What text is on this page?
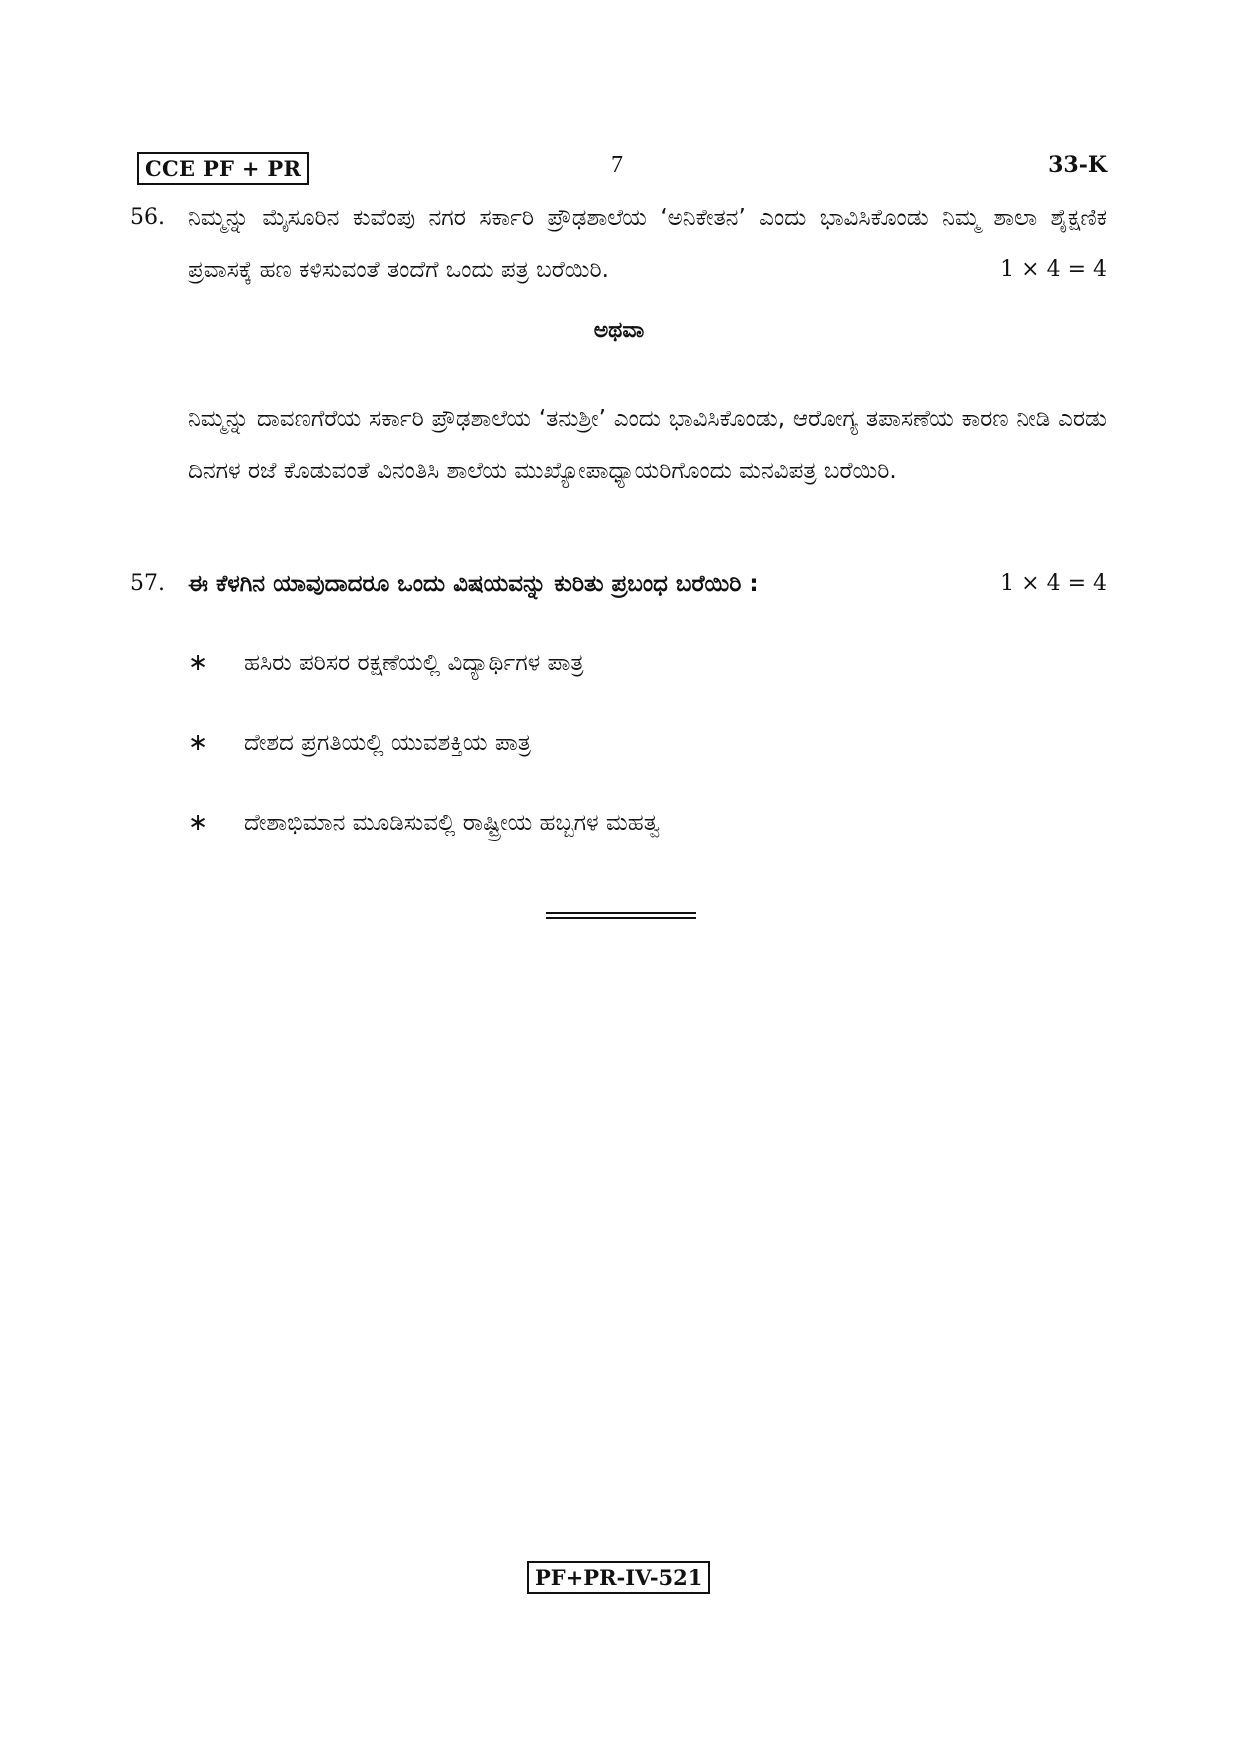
CCE PF + PR	7	33-K
56. ನಿಮ್ಮನ್ನು ಮೈಸೂರಿನ ಕುವೆಂಪು ನಗರ ಸರ್ಕಾರಿ ಪ್ರೌಢಶಾಲೆಯ ‘ಅನಿಕೇತನ’ ಎಂದು ಭಾವಿಸಿಕೊಂಡು ನಿಮ್ಮ ಶಾಲಾ ಶೈಕ್ಷಣಿಕ ಪ್ರವಾಸಕ್ಕೆ ಹಣ ಕಳಿಸುವಂತೆ ತಂದೆಗೆ ಒಂದು ಪತ್ರ ಬರೆಯಿರಿ.	1 × 4 = 4
ಅಥವಾ
ನಿಮ್ಮನ್ನು ದಾವಣಗೆರೆಯ ಸರ್ಕಾರಿ ಪ್ರೌಢಶಾಲೆಯ ‘ತನುಶ್ರೀ’ ಎಂದು ಭಾವಿಸಿಕೊಂಡು, ಆರೋಗ್ಯ ತಪಾಸಣೆಯ ಕಾರಣ ನೀಡಿ ಎರಡು ದಿನಗಳ ರಜೆ ಕೊಡುವಂತೆ ವಿನಂತಿಸಿ ಶಾಲೆಯ ಮುಖ್ಯೋಪಾಧ್ಯಾಯರಿಗೊಂದು ಮನವಿಪತ್ರ ಬರೆಯಿರಿ.
57. ಈ ಕೆಳಗಿನ ಯಾವುದಾದರೂ ಒಂದು ವಿಷಯವನ್ನು ಕುರಿತು ಪ್ರಬಂಧ ಬರೆಯಿರಿ :	1 × 4 = 4
∗ ಹಸಿರು ಪರಿಸರ ರಕ್ಷಣೆಯಲ್ಲಿ ವಿದ್ಯಾರ್ಥಿಗಳ ಪಾತ್ರ
∗ ದೇಶದ ಪ್ರಗತಿಯಲ್ಲಿ ಯುವಶಕ್ತಿಯ ಪಾತ್ರ
∗ ದೇಶಾಭಿಮಾನ ಮೂಡಿಸುವಲ್ಲಿ ರಾಷ್ಟ್ರೀಯ ಹಬ್ಬಗಳ ಮಹತ್ವ
PF+PR-IV-521
